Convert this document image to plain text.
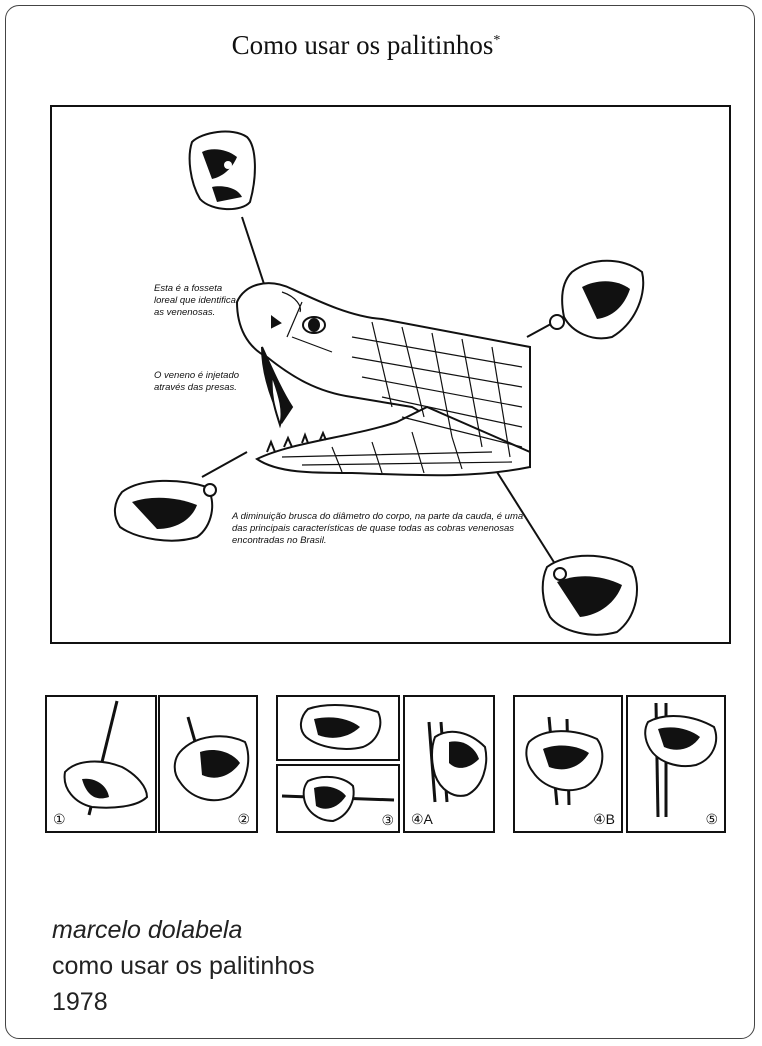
Como usar os palitinhos*
Esta é a fosseta loreal que identifica as venenosas.
O veneno é injetado através das presas.
A diminuição brusca do diâmetro do corpo, na parte da cauda, é uma das principais características de quase todas as cobras venenosas encontradas no Brasil.
①	②	③ ④A	④B	⑤
marcelo dolabela
como usar os palitinhos
1978
